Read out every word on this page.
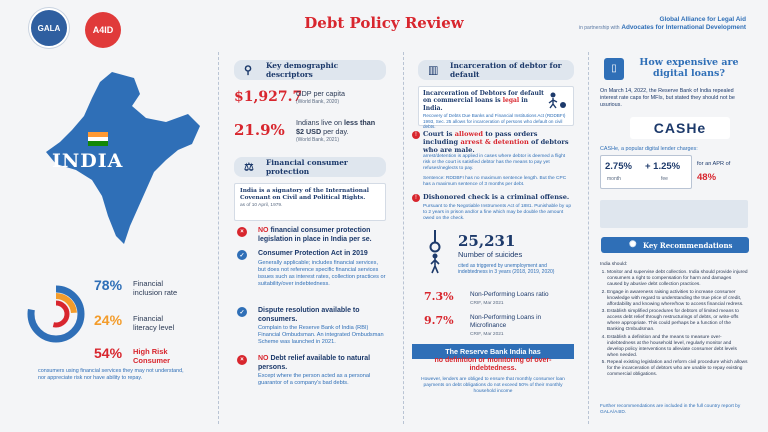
GALA	A4ID	Debt Policy Review	Global Alliance for Legal Aid
in partnership with Advocates for International Development
INDIA
78% Financial
inclusion rate
24% Financial
literacy level
54% High Risk
Consumer
consumers using financial services they may not understand, nor appreciate risk nor have ability to repay.
⚲ Key demographic descriptors
$1,927.7
GDP per capita
(World Bank, 2020)
21.9% Indians live on less than
$2 USD per day.
(World Bank, 2021)
⚖ Financial consumer protection
India is a signatory of the International Covenant on Civil and Political Rights.
as of 10 April, 1979.
×	NO financial consumer protection legislation in place in India per se.
✓	Consumer Protection Act in 2019
Generally applicable; includes financial services, but does not reference specific financial services issues such as interest rates, collection practices or suitability/over indebtedness.
✓	Dispute resolution available to consumers.
Complain to the Reserve Bank of India (RBI) Financial Ombudsman. An integrated Ombudsman Scheme was launched in 2021.
×	NO Debt relief available to natural persons.
Except where the person acted as a personal guarantor of a company's bad debts.
▥ Incarceration of debtor for default
Incarceration of Debtors for default on commercial loans is legal in India.
Recovery of Debts Due Banks and Financial Institutions Act (RDDBFI) 1993, Sec. 25 allows for incarceration of persons who default on civil debts.
! Court is allowed to pass orders including arrest & detention of debtors who are male.
arrest/detention is applied in cases where debtor is deemed a flight risk or the court is satisfied debtor has the means to pay yet refuses/neglects to pay.
Sentence: RDDBFI has no maximum sentence length. But the CPC has a maximum sentence of 3 months per debt.
! Dishonored check is a criminal offense.
Pursuant to the Negotiable Instruments Act of 1881. Punishable by up to 2 years in prison and/or a fine which may be double the amount owed on the check.
25,231
Number of suicides
cited as triggered by unemployment and indebtedness in 3 years (2018, 2019, 2020)
7.3%	Non-Performing Loans ratio
CRIF, Mar 2021
9.7%	Non-Performing Loans in Microfinance
CRIF, Mar 2021
The Reserve Bank India has
no definition or monitoring of over-indebtedness.
However, lenders are obliged to ensure that monthly consumer loan payments on debt obligations do not exceed 50% of their monthly household income
▯
How expensive are digital loans?
On March 14, 2022, the Reserve Bank of India repealed interest rate caps for MFIs, but stated they should not be usurious.
CASHe
CASHe, a popular digital lender charges:
2.75%
month
+ 1.25%
fee
for an APR of
48%
✺ Key Recommendations
India should:
1. Monitor and supervise debt collection. India should provide injured consumers a right to compensation for harm and damages caused by abusive debt collection practices.
2. Engage in awareness raising activities to increase consumer knowledge with regard to understanding the true price of credit, affordability and knowing where/how to access financial redress.
3. Establish simplified procedures for debtors of limited means to access debt relief through restructurings of debts, or write-offs where appropriate. This could perhaps be a function of the Banking Ombudsman.
4. Establish a definition and the means to measure over-indebtedness at the household level, regularly monitor and develop policy interventions to alleviate consumer debt levels when needed.
5. Repeal existing legislation and reform civil procedure which allows for the incarceration of debtors who are unable to repay existing commercial obligations.
Further recommendations are included in the full country report by GALA/A4ID.
